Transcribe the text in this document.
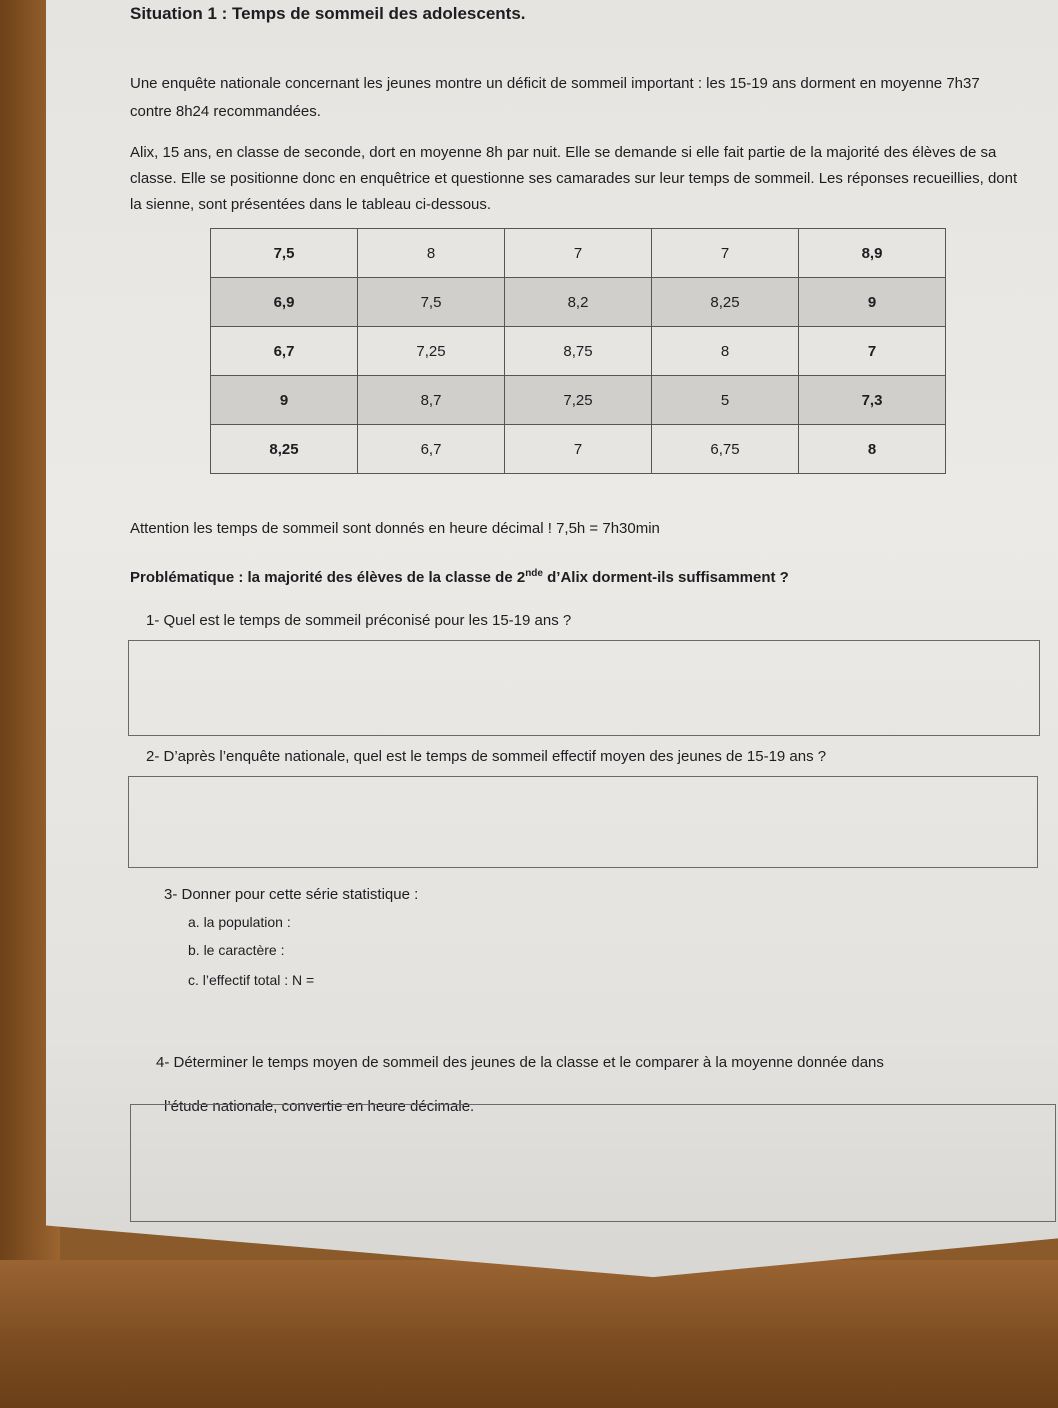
Situation 1 : Temps de sommeil des adolescents.
Une enquête nationale concernant les jeunes montre un déficit de sommeil important : les 15-19 ans dorment en moyenne 7h37 contre 8h24 recommandées.
Alix, 15 ans, en classe de seconde, dort en moyenne 8h par nuit. Elle se demande si elle fait partie de la majorité des élèves de sa classe. Elle se positionne donc en enquêtrice et questionne ses camarades sur leur temps de sommeil. Les réponses recueillies, dont la sienne, sont présentées dans le tableau ci-dessous.
7,5	8	7	7	8,9
6,9	7,5	8,2	8,25	9
6,7	7,25	8,75	8	7
9	8,7	7,25	5	7,3
8,25	6,7	7	6,75	8
Attention les temps de sommeil sont donnés en heure décimal ! 7,5h = 7h30min
Problématique : la majorité des élèves de la classe de 2nde d’Alix dorment-ils suffisamment ?
1- Quel est le temps de sommeil préconisé pour les 15-19 ans ?
2- D’après l’enquête nationale, quel est le temps de sommeil effectif moyen des jeunes de 15-19 ans ?
3- Donner pour cette série statistique :
a. la population :
b. le caractère :
c. l’effectif total : N =
4- Déterminer le temps moyen de sommeil des jeunes de la classe et le comparer à la moyenne donnée dans
l’étude nationale, convertie en heure décimale.
